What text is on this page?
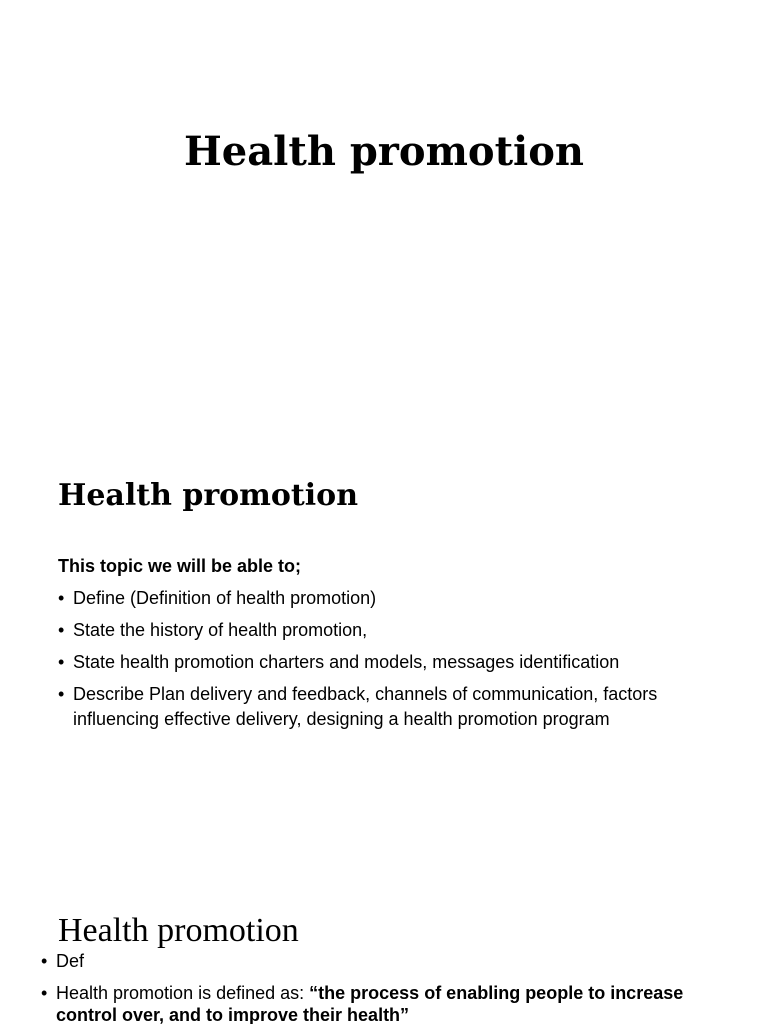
Health promotion
Health promotion

This topic we will be able to;

• Define (Definition of health promotion)
• State the history of health promotion,
• State health promotion charters and models, messages identification
• Describe Plan delivery and feedback, channels of communication, factors influencing effective delivery, designing a health promotion program
Health promotion
• Def
• Health promotion is defined as: “the process of enabling people to increase control over, and to improve their health”
